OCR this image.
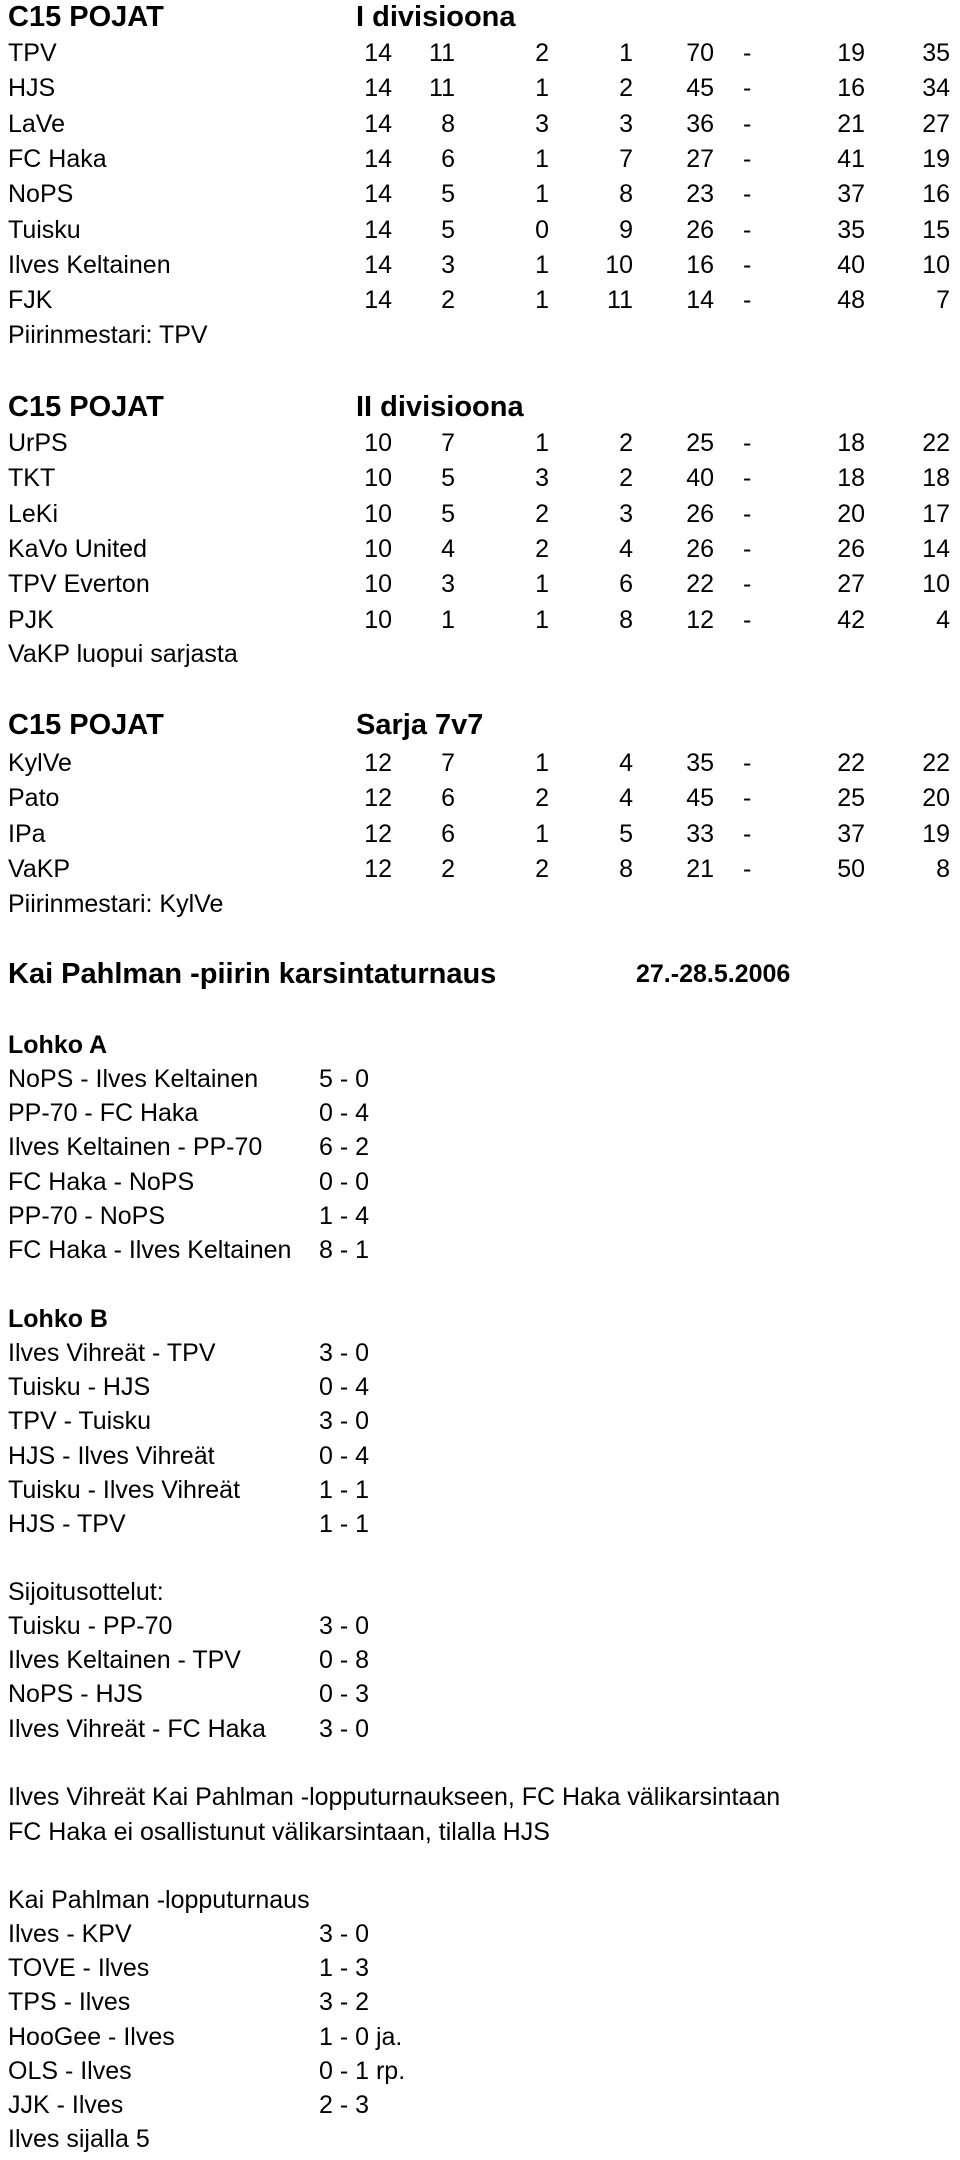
C15 POJAT	I divisioona
TPV	14	11	2	1	70 -	19	35
HJS	14	11	1	2	45 -	16	34
LaVe	14	8	3	3	36 -	21	27
FC Haka	14	6	1	7	27 -	41	19
NoPS	14	5	1	8	23 -	37	16
Tuisku	14	5	0	9	26 -	35	15
Ilves Keltainen	14	3	1	10	16 -	40	10
FJK	14	2	1	11	14 -	48	7
Piirinmestari: TPV
C15 POJAT	II divisioona
UrPS	10	7	1	2	25 -	18	22
TKT	10	5	3	2	40 -	18	18
LeKi	10	5	2	3	26 -	20	17
KaVo United	10	4	2	4	26 -	26	14
TPV Everton	10	3	1	6	22 -	27	10
PJK	10	1	1	8	12 -	42	4
VaKP luopui sarjasta
C15 POJAT	Sarja 7v7
KylVe	12	7	1	4	35 -	22	22
Pato	12	6	2	4	45 -	25	20
IPa	12	6	1	5	33 -	37	19
VaKP	12	2	2	8	21 -	50	8
Piirinmestari: KylVe
Kai Pahlman -piirin karsintaturnaus	27.-28.5.2006
Lohko A
NoPS - Ilves Keltainen 5 - 0
PP-70 - FC Haka	0 - 4
Ilves Keltainen - PP-70 6 - 2
FC Haka - NoPS	0 - 0
PP-70 - NoPS	1 - 4
FC Haka - Ilves Keltainen 8 - 1
Lohko B
Ilves Vihreät - TPV	3 - 0
Tuisku - HJS	0 - 4
TPV - Tuisku	3 - 0
HJS - Ilves Vihreät	0 - 4
Tuisku - Ilves Vihreät	1 - 1
HJS - TPV	1 - 1
Sijoitusottelut:
Tuisku - PP-70	3 - 0
Ilves Keltainen - TPV	0 - 8
NoPS - HJS	0 - 3
Ilves Vihreät - FC Haka 3 - 0
Ilves Vihreät Kai Pahlman -lopputurnaukseen, FC Haka välikarsintaan
FC Haka ei osallistunut välikarsintaan, tilalla HJS
Kai Pahlman -lopputurnaus
Ilves - KPV	3 - 0
TOVE - Ilves	1 - 3
TPS - Ilves	3 - 2
HooGee - Ilves	1 - 0 ja.
OLS - Ilves	0 - 1 rp.
JJK - Ilves	2 - 3
Ilves sijalla 5
